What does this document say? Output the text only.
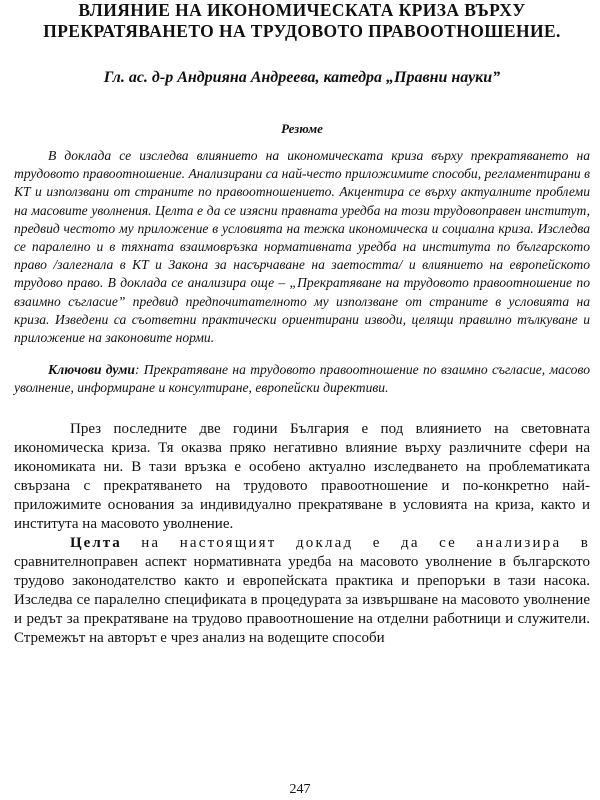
ВЛИЯНИЕ НА ИКОНОМИЧЕСКАТА КРИЗА ВЪРХУ ПРЕКРАТЯВАНЕТО НА ТРУДОВОТО ПРАВООТНОШЕНИЕ.

Гл. ас. д-р Андрияна Андреева, катедра „Правни науки”

Резюме

В доклада се изследва влиянието на икономическата криза върху прекратяването на трудовото правоотношение. Анализирани са най-често приложимите способи, регламентирани в КТ и използвани от страните по правоотношението. Акцентира се върху актуалните проблеми на масовите уволнения. Целта е да се изясни правната уредба на този трудовоправен институт, предвид честото му приложение в условията на тежка икономическа и социална криза. Изследва се паралелно и в тяхната взаимовръзка нормативната уредба на института по българското право /залегнала в КТ и Закона за насърчаване на заетостта/ и влиянието на европейското трудово право. В доклада се анализира още – „Прекратяване на трудовото правоотношение по взаимно съгласие” предвид предпочитателното му използване от страните в условията на криза. Изведени са съответни практически ориентирани изводи, целящи правилно тълкуване и приложение на законовите норми.

Ключови думи: Прекратяване на трудовото правоотношение по взаимно съгласие, масово уволнение, информиране и консултиране, европейски директиви.

През последните две години България е под влиянието на световната икономическа криза. Тя оказва пряко негативно влияние върху различните сфери на икономиката ни. В тази връзка е особено актуално изследването на проблематиката свързана с прекратяването на трудовото правоотношение и по-конкретно най- приложимите основания за индивидуално прекратяване в условията на криза, както и института на масовото уволнение.

Целта на настоящият доклад е да се анализира в сравнителноправен аспект нормативната уредба на масовото уволнение в българското трудово законодателство както и европейската практика и препоръки в тази насока. Изследва се паралелно спецификата в процедурата за извършване на масовото уволнение и редът за прекратяване на трудово правоотношение на отделни работници и служители. Стремежът на авторът е чрез анализ на водещите способи

247
